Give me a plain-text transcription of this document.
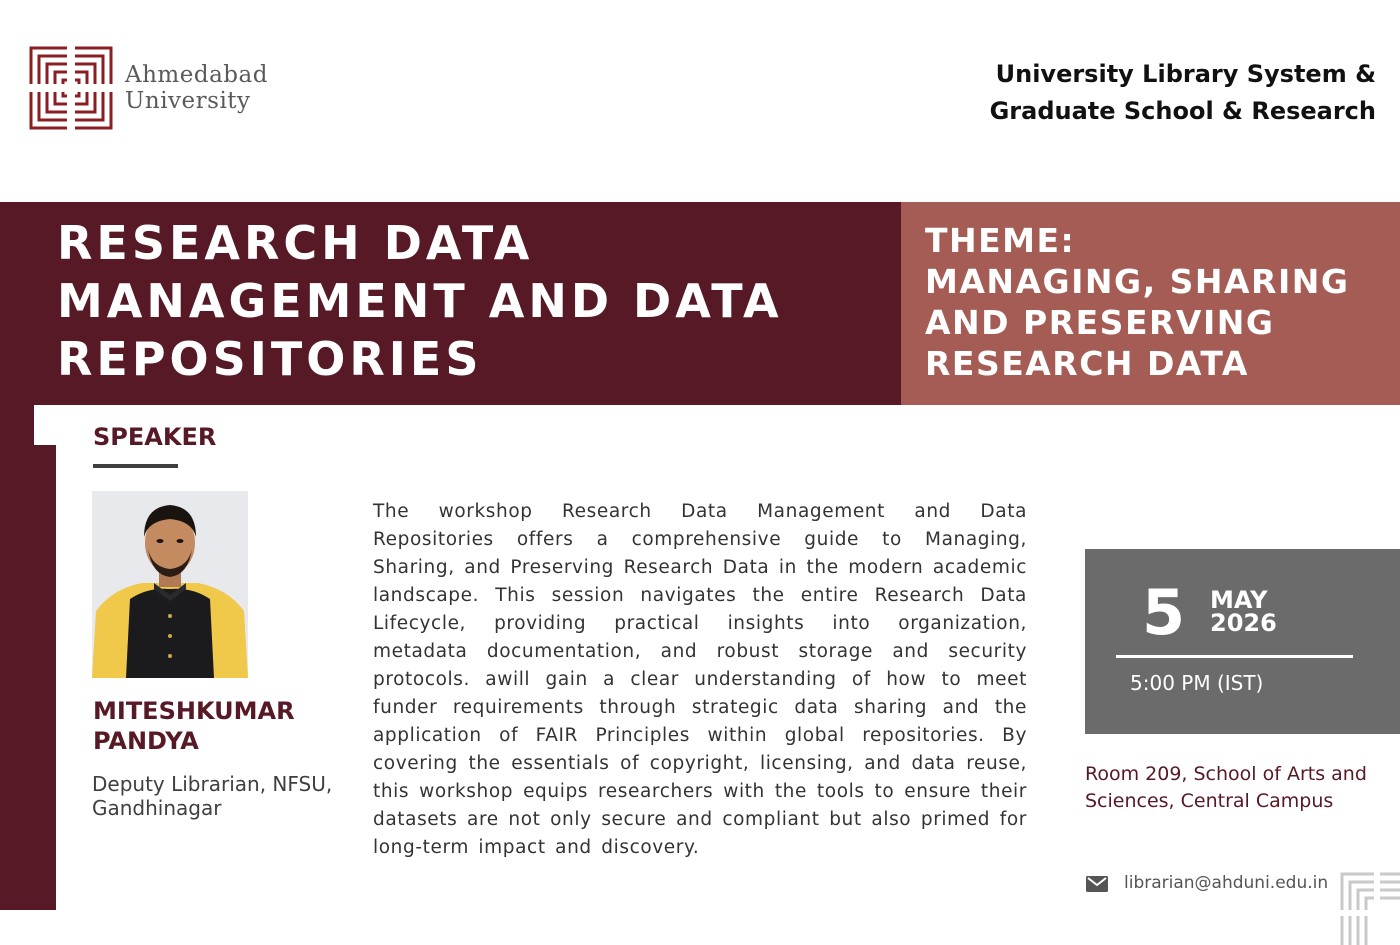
Ahmedabad
University
University Library System &
Graduate School & Research
RESEARCH DATA
MANAGEMENT AND DATA
REPOSITORIES
THEME:
MANAGING, SHARING
AND PRESERVING
RESEARCH DATA
SPEAKER
MITESHKUMAR
PANDYA
Deputy Librarian, NFSU,
Gandhinagar
The workshop Research Data Management and Data Repositories offers a comprehensive guide to Managing, Sharing, and Preserving Research Data in the modern academic landscape. This session navigates the entire Research Data Lifecycle, providing practical insights into organization, metadata documentation, and robust storage and security protocols. awill gain a clear understanding of how to meet funder requirements through strategic data sharing and the application of FAIR Principles within global repositories. By covering the essentials of copyright, licensing, and data reuse, this workshop equips researchers with the tools to ensure their datasets are not only secure and compliant but also primed for long-term impact and discovery.
5 MAY
2026
5:00 PM (IST)
Room 209, School of Arts and
Sciences, Central Campus
librarian@ahduni.edu.in
